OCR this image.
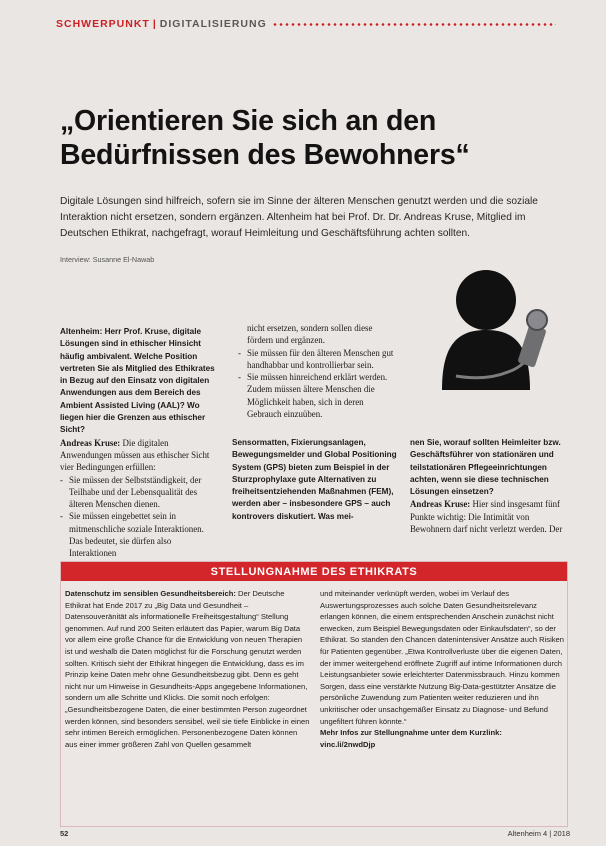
SCHWERPUNKT | DIGITALISIERUNG
„Orientieren Sie sich an den Bedürfnissen des Bewohners“
Digitale Lösungen sind hilfreich, sofern sie im Sinne der älteren Menschen genutzt werden und die soziale Interaktion nicht ersetzen, sondern ergänzen. Altenheim hat bei Prof. Dr. Dr. Andreas Kruse, Mitglied im Deutschen Ethikrat, nachgefragt, worauf Heimleitung und Geschäftsführung achten sollten.
Interview: Susanne El-Nawab
Altenheim: Herr Prof. Kruse, digitale Lösungen sind in ethischer Hinsicht häufig ambivalent. Welche Position vertreten Sie als Mitglied des Ethikrates in Bezug auf den Einsatz von digitalen Anwendungen aus dem Bereich des Ambient Assisted Living (AAL)? Wo liegen hier die Grenzen aus ethischer Sicht?
Andreas Kruse: Die digitalen Anwendungen müssen aus ethischer Sicht vier Bedingungen erfüllen:
- Sie müssen der Selbstständigkeit, der Teilhabe und der Lebensqualität des älteren Menschen dienen.
- Sie müssen eingebettet sein in mitmenschliche soziale Interaktionen. Das bedeutet, sie dürfen also Interaktionen
nicht ersetzen, sondern sollen diese fördern und ergänzen.
- Sie müssen für den älteren Menschen gut handhabbar und kontrollierbar sein.
- Sie müssen hinreichend erklärt werden. Zudem müssen ältere Menschen die Möglichkeit haben, sich in deren Gebrauch einzuüben.
Sensormatten, Fixierungsanlagen, Bewegungsmelder und Global Positioning System (GPS) bieten zum Beispiel in der Sturzprophylaxe gute Alternativen zu freiheitsentziehenden Maßnahmen (FEM), werden aber – insbesondere GPS – auch kontrovers diskutiert. Was mei-
nen Sie, worauf sollten Heimleiter bzw. Geschäftsführer von stationären und teilstationären Pflegeeinrichtungen achten, wenn sie diese technischen Lösungen einsetzen?
Andreas Kruse: Hier sind insgesamt fünf Punkte wichtig: Die Intimität von Bewohnern darf nicht verletzt werden. Der
STELLUNGNAHME DES ETHIKRATS
Datenschutz im sensiblen Gesundheitsbereich: Der Deutsche Ethikrat hat Ende 2017 zu „Big Data und Gesundheit – Datensouveränität als informationelle Freiheitsgestaltung“ Stellung genommen. Auf rund 200 Seiten erläutert das Papier, warum Big Data vor allem eine große Chance für die Entwicklung von neuen Therapien ist und weshalb die Daten möglichst für die Forschung genutzt werden sollten. Kritisch sieht der Ethikrat hingegen die Entwicklung, dass es im Prinzip keine Daten mehr ohne Gesundheitsbezug gibt. Denn es geht nicht nur um Hinweise in Gesundheits-Apps angegebene Informationen, sondern um alle Schritte und Klicks. Die somit noch erfolgen: „Gesundheitsbezogene Daten, die einer bestimmten Person zugeordnet werden können, sind besonders sensibel, weil sie tiefe Einblicke in einen sehr intimen Bereich ermöglichen. Personenbezogene Daten können aus einer immer größeren Zahl von Quellen gesammelt
und miteinander verknüpft werden, wobei im Verlauf des Auswertungsprozesses auch solche Daten Gesundheitsrelevanz erlangen können, die einem entsprechenden Anschein zunächst nicht erwecken, zum Beispiel Bewegungsdaten oder Einkaufsdaten“, so der Ethikrat. So standen den Chancen datenintensiver Ansätze auch Risiken für Patienten gegenüber. „Etwa Kontrollverluste über die eigenen Daten, der immer weitergehend eröffnete Zugriff auf intime Informationen durch Leistungsanbieter sowie erleichterter Datenmissbrauch. Hinzu kommen Sorgen, dass eine verstärkte Nutzung Big-Data-gestützter Ansätze die persönliche Zuwendung zum Patienten weiter reduzieren und ihn unkritischer oder unsachgemäßer Einsatz zu Diagnose- und Befund ungefiltert führen könnte.“
Mehr Infos zur Stellungnahme unter dem Kurzlink:
vinc.li/2nwdDjp
52	Altenheim 4 | 2018
